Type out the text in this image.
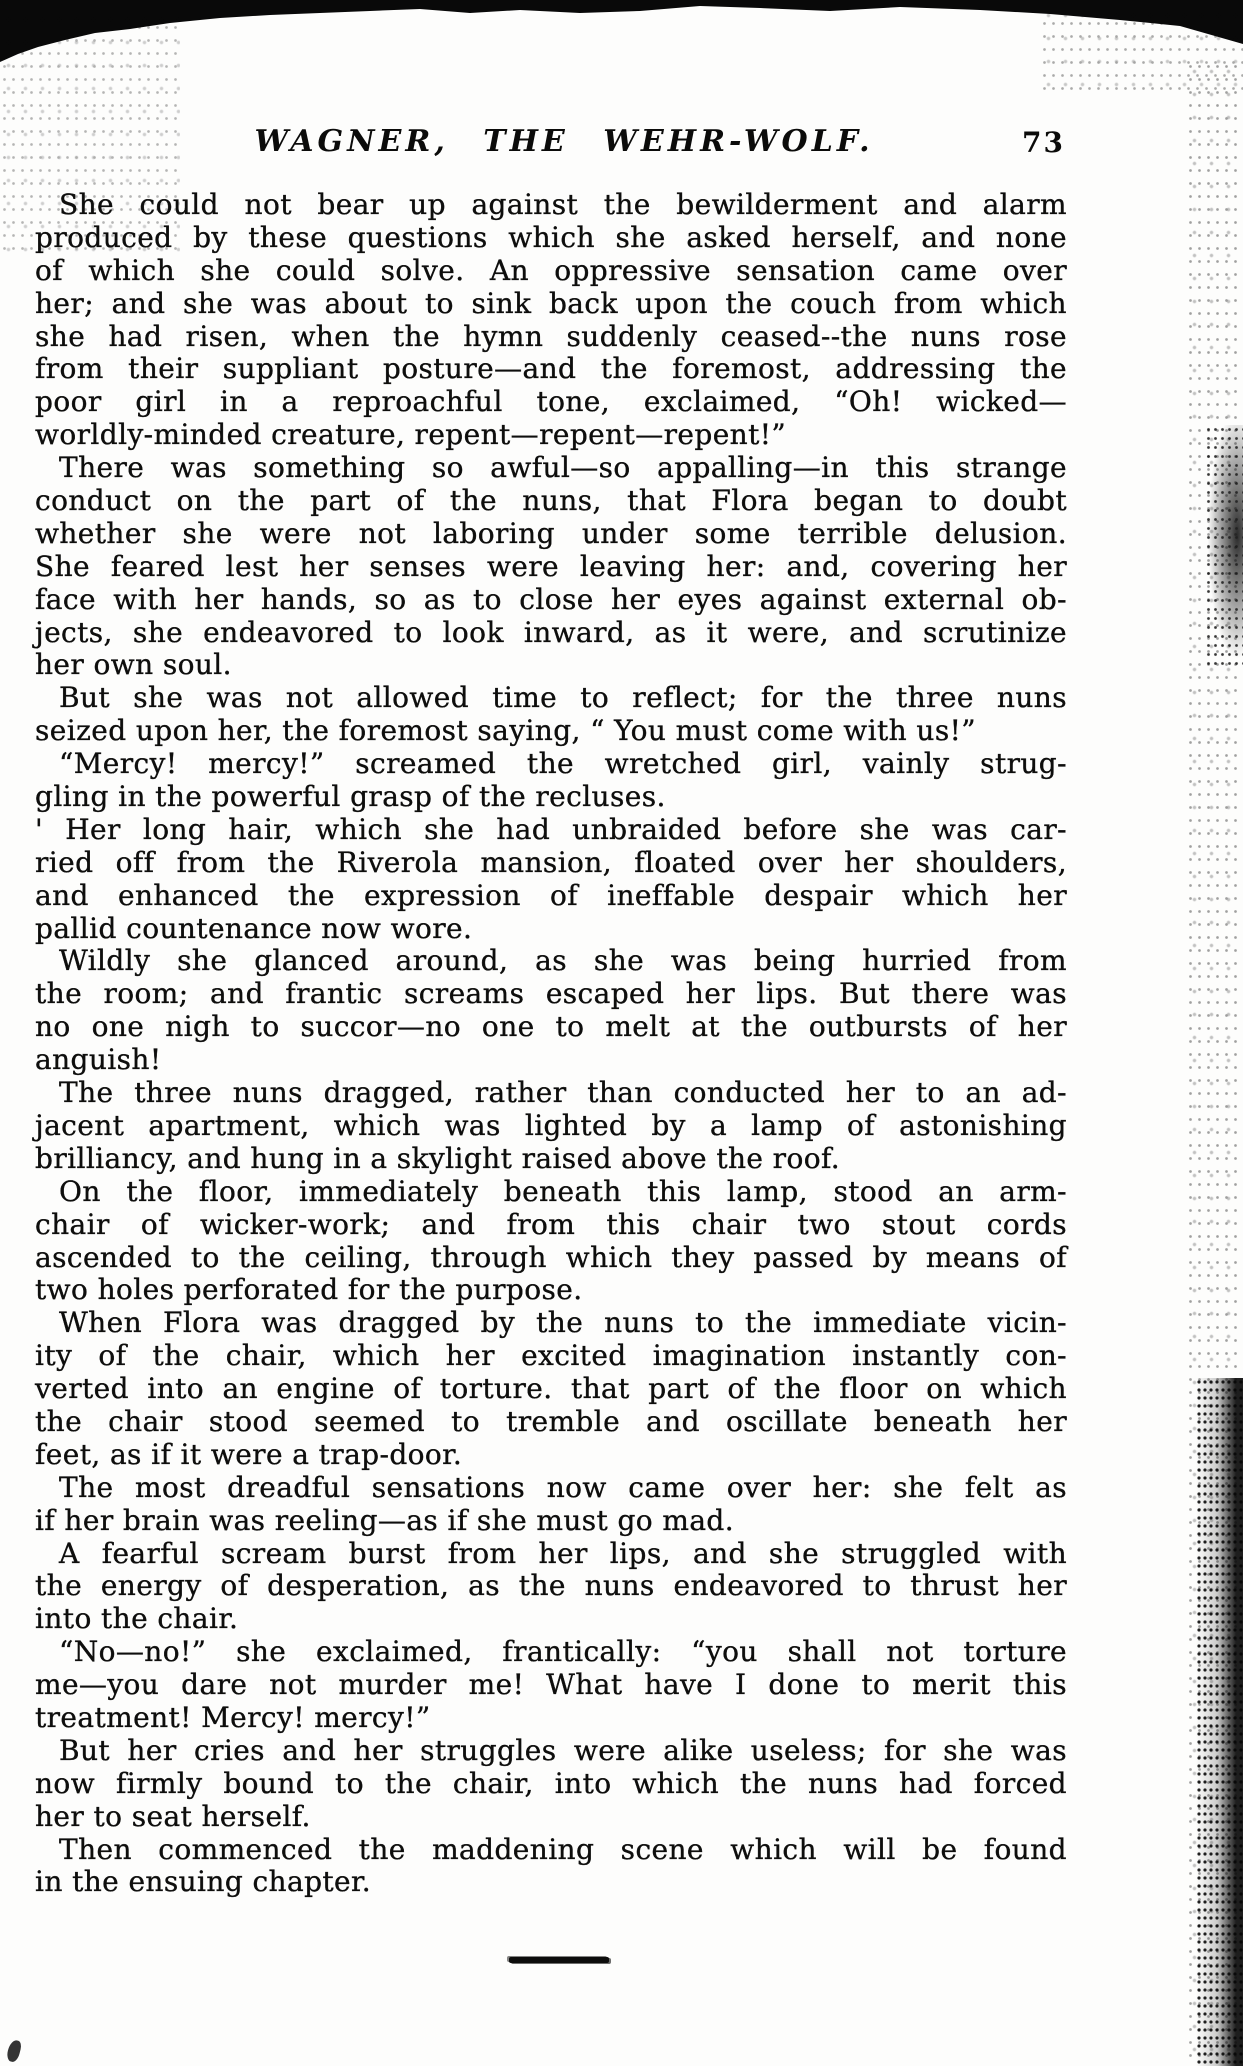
WAGNER, THE WEHR-WOLF.	73
She could not bear up against the bewilderment and alarm
produced by these questions which she asked herself, and none
of which she could solve. An oppressive sensation came over
her; and she was about to sink back upon the couch from which
she had risen, when the hymn suddenly ceased--the nuns rose
from their suppliant posture—and the foremost, addressing the
poor girl in a reproachful tone, exclaimed, “Oh! wicked—
worldly-minded creature, repent—repent—repent!”
There was something so awful—so appalling—in this strange
conduct on the part of the nuns, that Flora began to doubt
whether she were not laboring under some terrible delusion.
She feared lest her senses were leaving her: and, covering her
face with her hands, so as to close her eyes against external ob-
jects, she endeavored to look inward, as it were, and scrutinize
her own soul.
But she was not allowed time to reflect; for the three nuns
seized upon her, the foremost saying, “ You must come with us!”
“Mercy! mercy!” screamed the wretched girl, vainly strug-
gling in the powerful grasp of the recluses.
' Her long hair, which she had unbraided before she was car-
ried off from the Riverola mansion, floated over her shoulders,
and enhanced the expression of ineffable despair which her
pallid countenance now wore.
Wildly she glanced around, as she was being hurried from
the room; and frantic screams escaped her lips. But there was
no one nigh to succor—no one to melt at the outbursts of her
anguish!
The three nuns dragged, rather than conducted her to an ad-
jacent apartment, which was lighted by a lamp of astonishing
brilliancy, and hung in a skylight raised above the roof.
On the floor, immediately beneath this lamp, stood an arm-
chair of wicker-work; and from this chair two stout cords
ascended to the ceiling, through which they passed by means of
two holes perforated for the purpose.
When Flora was dragged by the nuns to the immediate vicin-
ity of the chair, which her excited imagination instantly con-
verted into an engine of torture. that part of the floor on which
the chair stood seemed to tremble and oscillate beneath her
feet, as if it were a trap-door.
The most dreadful sensations now came over her: she felt as
if her brain was reeling—as if she must go mad.
A fearful scream burst from her lips, and she struggled with
the energy of desperation, as the nuns endeavored to thrust her
into the chair.
“No—no!” she exclaimed, frantically: “you shall not torture
me—you dare not murder me! What have I done to merit this
treatment! Mercy! mercy!”
But her cries and her struggles were alike useless; for she was
now firmly bound to the chair, into which the nuns had forced
her to seat herself.
Then commenced the maddening scene which will be found
in the ensuing chapter.
